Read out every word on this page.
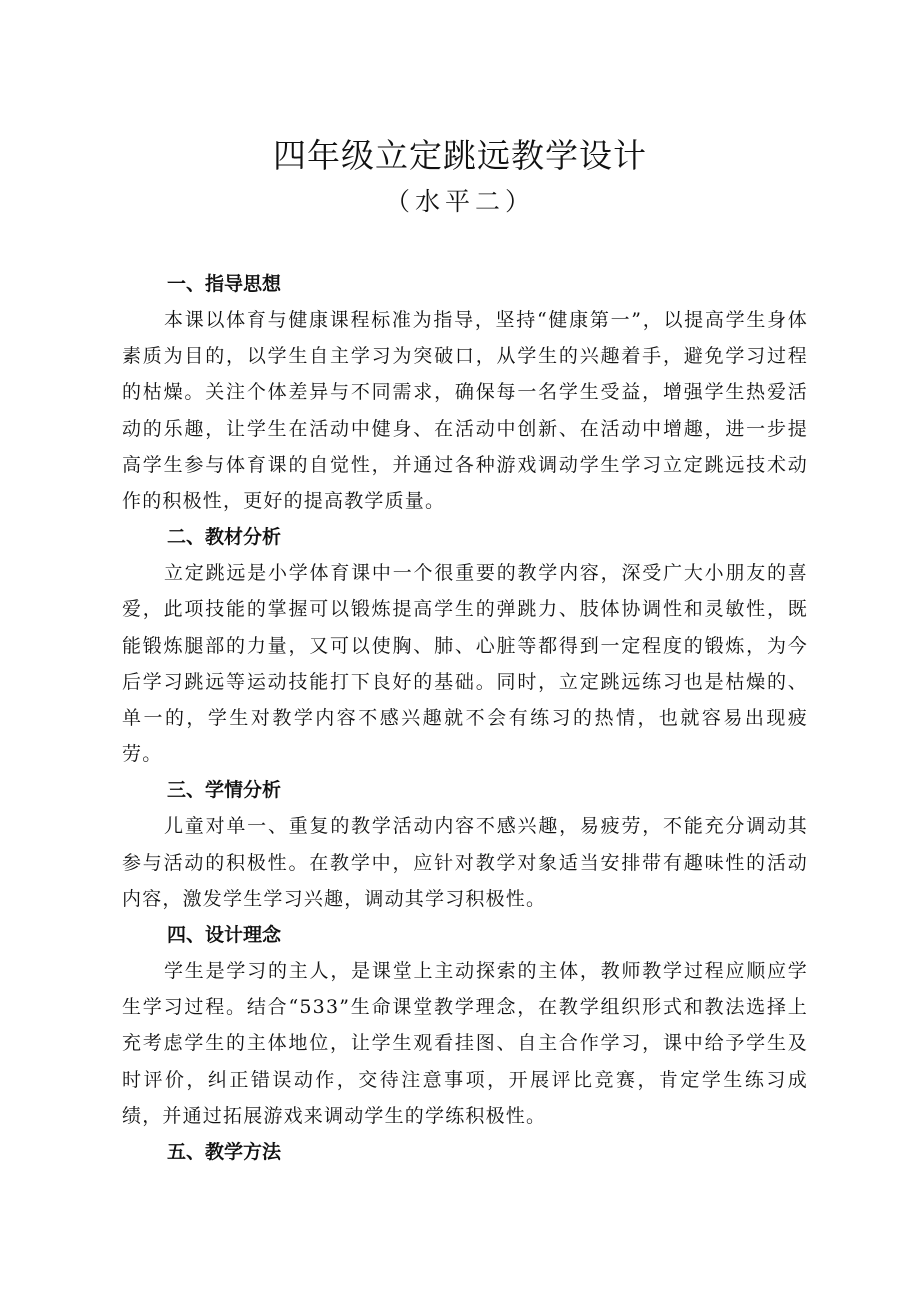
四年级立定跳远教学设计
（水平二）
一、指导思想

本课以体育与健康课程标准为指导，坚持“健康第一”，以提高学生身体素质为目的，以学生自主学习为突破口，从学生的兴趣着手，避免学习过程的枯燥。关注个体差异与不同需求，确保每一名学生受益，增强学生热爱活动的乐趣，让学生在活动中健身、在活动中创新、在活动中增趣，进一步提高学生参与体育课的自觉性，并通过各种游戏调动学生学习立定跳远技术动作的积极性，更好的提高教学质量。

二、教材分析

立定跳远是小学体育课中一个很重要的教学内容，深受广大小朋友的喜爱，此项技能的掌握可以锻炼提高学生的弹跳力、肢体协调性和灵敏性，既能锻炼腿部的力量，又可以使胸、肺、心脏等都得到一定程度的锻炼，为今后学习跳远等运动技能打下良好的基础。同时，立定跳远练习也是枯燥的、单一的，学生对教学内容不感兴趣就不会有练习的热情，也就容易出现疲劳。

三、学情分析

儿童对单一、重复的教学活动内容不感兴趣，易疲劳，不能充分调动其参与活动的积极性。在教学中，应针对教学对象适当安排带有趣味性的活动内容，激发学生学习兴趣，调动其学习积极性。

四、设计理念

学生是学习的主人，是课堂上主动探索的主体，教师教学过程应顺应学生学习过程。结合“533”生命课堂教学理念，在教学组织形式和教法选择上充考虑学生的主体地位，让学生观看挂图、自主合作学习，课中给予学生及时评价，纠正错误动作，交待注意事项，开展评比竞赛，肯定学生练习成绩，并通过拓展游戏来调动学生的学练积极性。

五、教学方法
